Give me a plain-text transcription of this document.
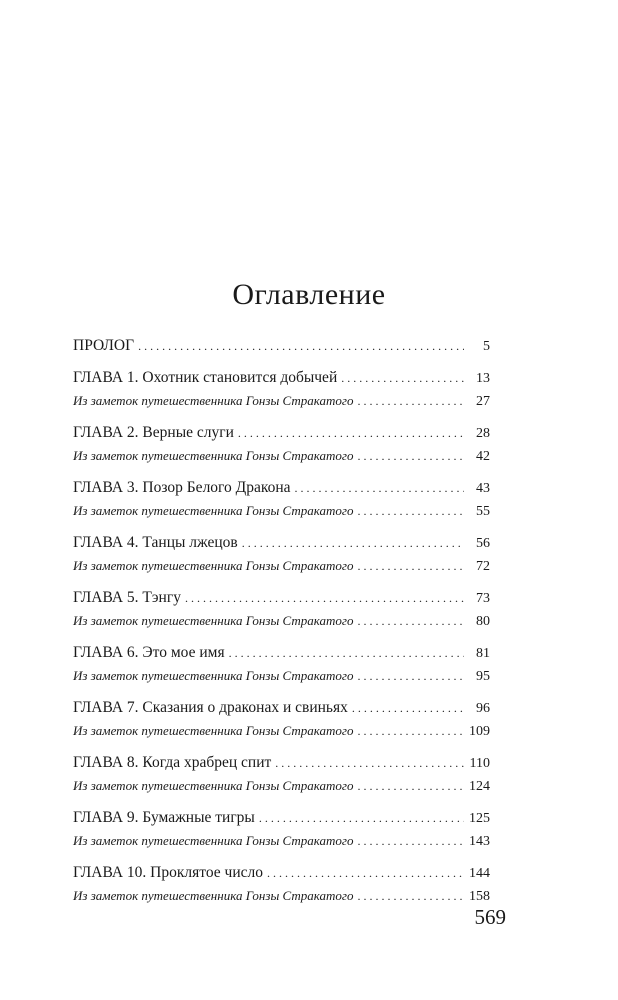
Оглавление
ПРОЛОГ . . .	5
ГЛАВА 1. Охотник становится добычей . . .	13
Из заметок путешественника Гонзы Стракатого . . .	27
ГЛАВА 2. Верные слуги . . .	28
Из заметок путешественника Гонзы Стракатого . . .	42
ГЛАВА 3. Позор Белого Дракона . . .	43
Из заметок путешественника Гонзы Стракатого . . .	55
ГЛАВА 4. Танцы лжецов . . .	56
Из заметок путешественника Гонзы Стракатого . . .	72
ГЛАВА 5. Тэнгу . . .	73
Из заметок путешественника Гонзы Стракатого . . .	80
ГЛАВА 6. Это мое имя . . .	81
Из заметок путешественника Гонзы Стракатого . . .	95
ГЛАВА 7. Сказания о драконах и свиньях . . .	96
Из заметок путешественника Гонзы Стракатого . . .	109
ГЛАВА 8. Когда храбрец спит . . .	110
Из заметок путешественника Гонзы Стракатого . . .	124
ГЛАВА 9. Бумажные тигры . . .	125
Из заметок путешественника Гонзы Стракатого . . .	143
ГЛАВА 10. Проклятое число . . .	144
Из заметок путешественника Гонзы Стракатого . . .	158
569
